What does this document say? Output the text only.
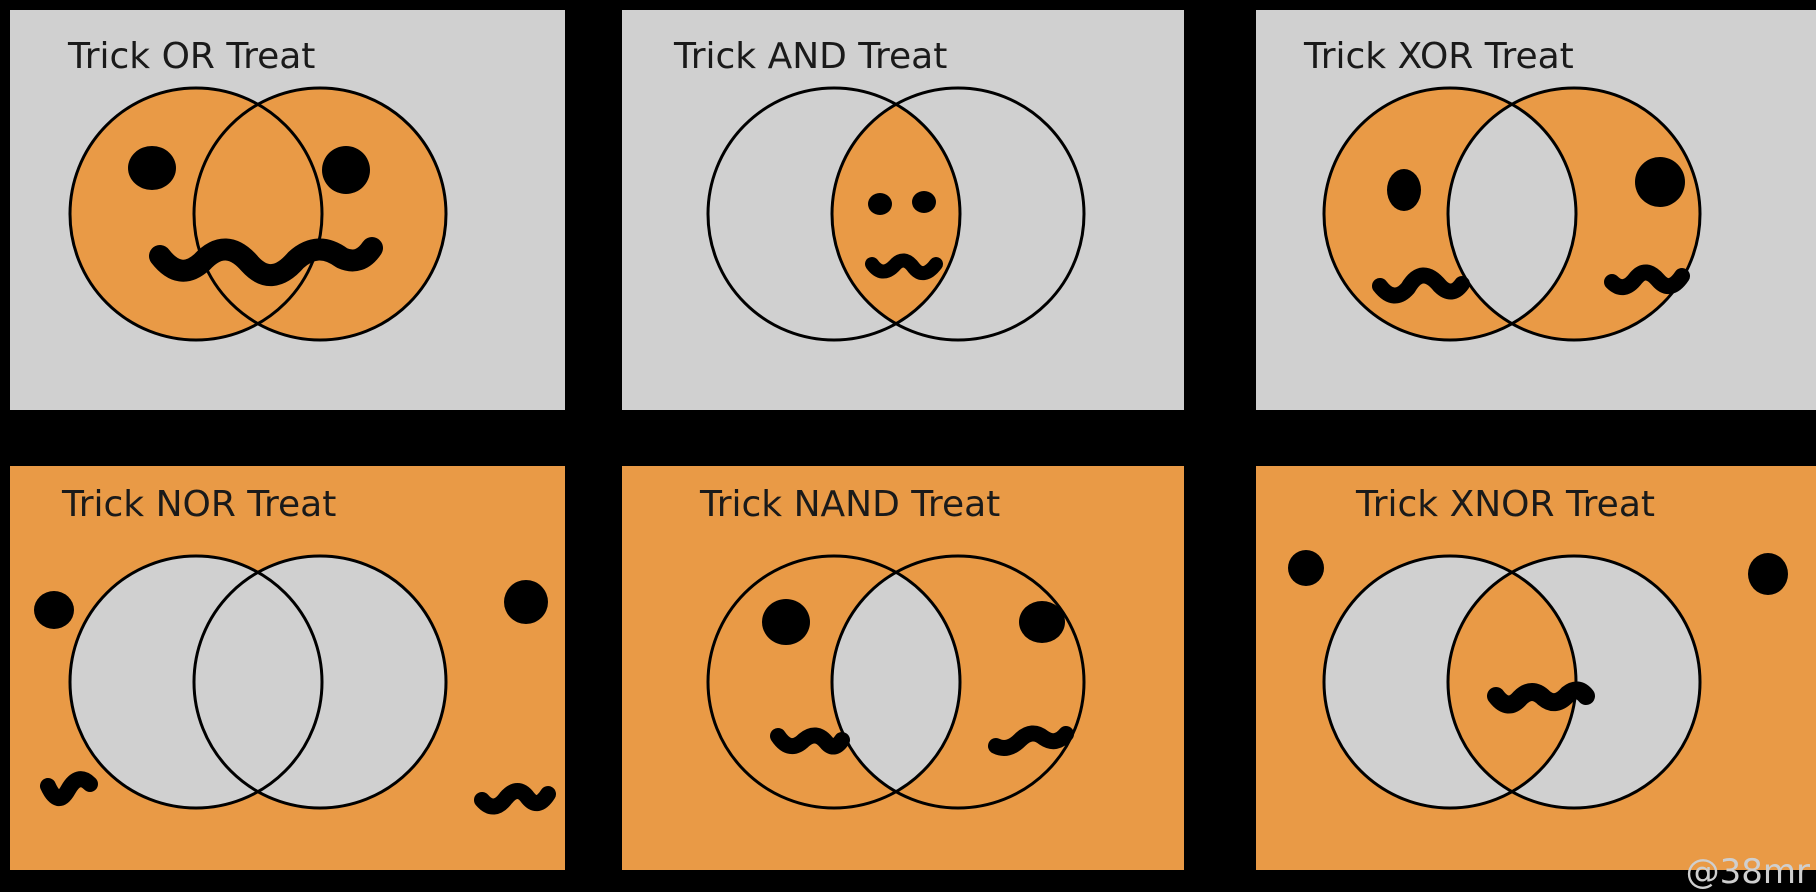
Trick OR Treat	Trick AND Treat	Trick XOR Treat
Trick NOR Treat	Trick NAND Treat	Trick XNOR Treat
@38mr
